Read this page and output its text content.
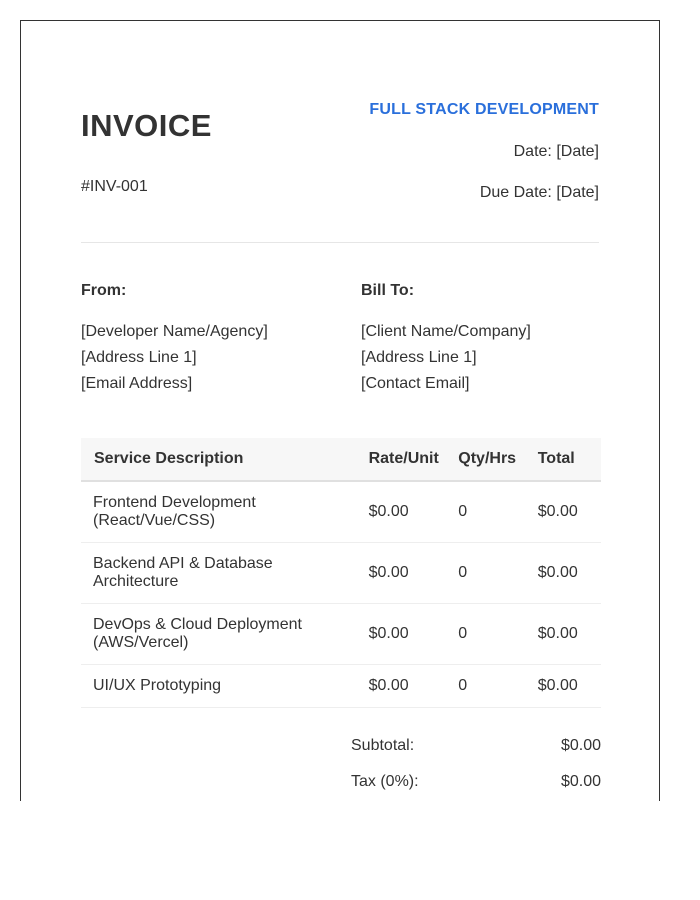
INVOICE
#INV-001
FULL STACK DEVELOPMENT
Date: [Date]
Due Date: [Date]
From:
[Developer Name/Agency]
[Address Line 1]
[Email Address]
Bill To:
[Client Name/Company]
[Address Line 1]
[Contact Email]
Service Description	Rate/Unit	Qty/Hrs	Total

Frontend Development (React/Vue/CSS)	$0.00	0	$0.00

Backend API & Database Architecture	$0.00	0	$0.00

DevOps & Cloud Deployment (AWS/Vercel)	$0.00	0	$0.00

UI/UX Prototyping	$0.00	0	$0.00
Subtotal:	$0.00
Tax (0%):	$0.00
